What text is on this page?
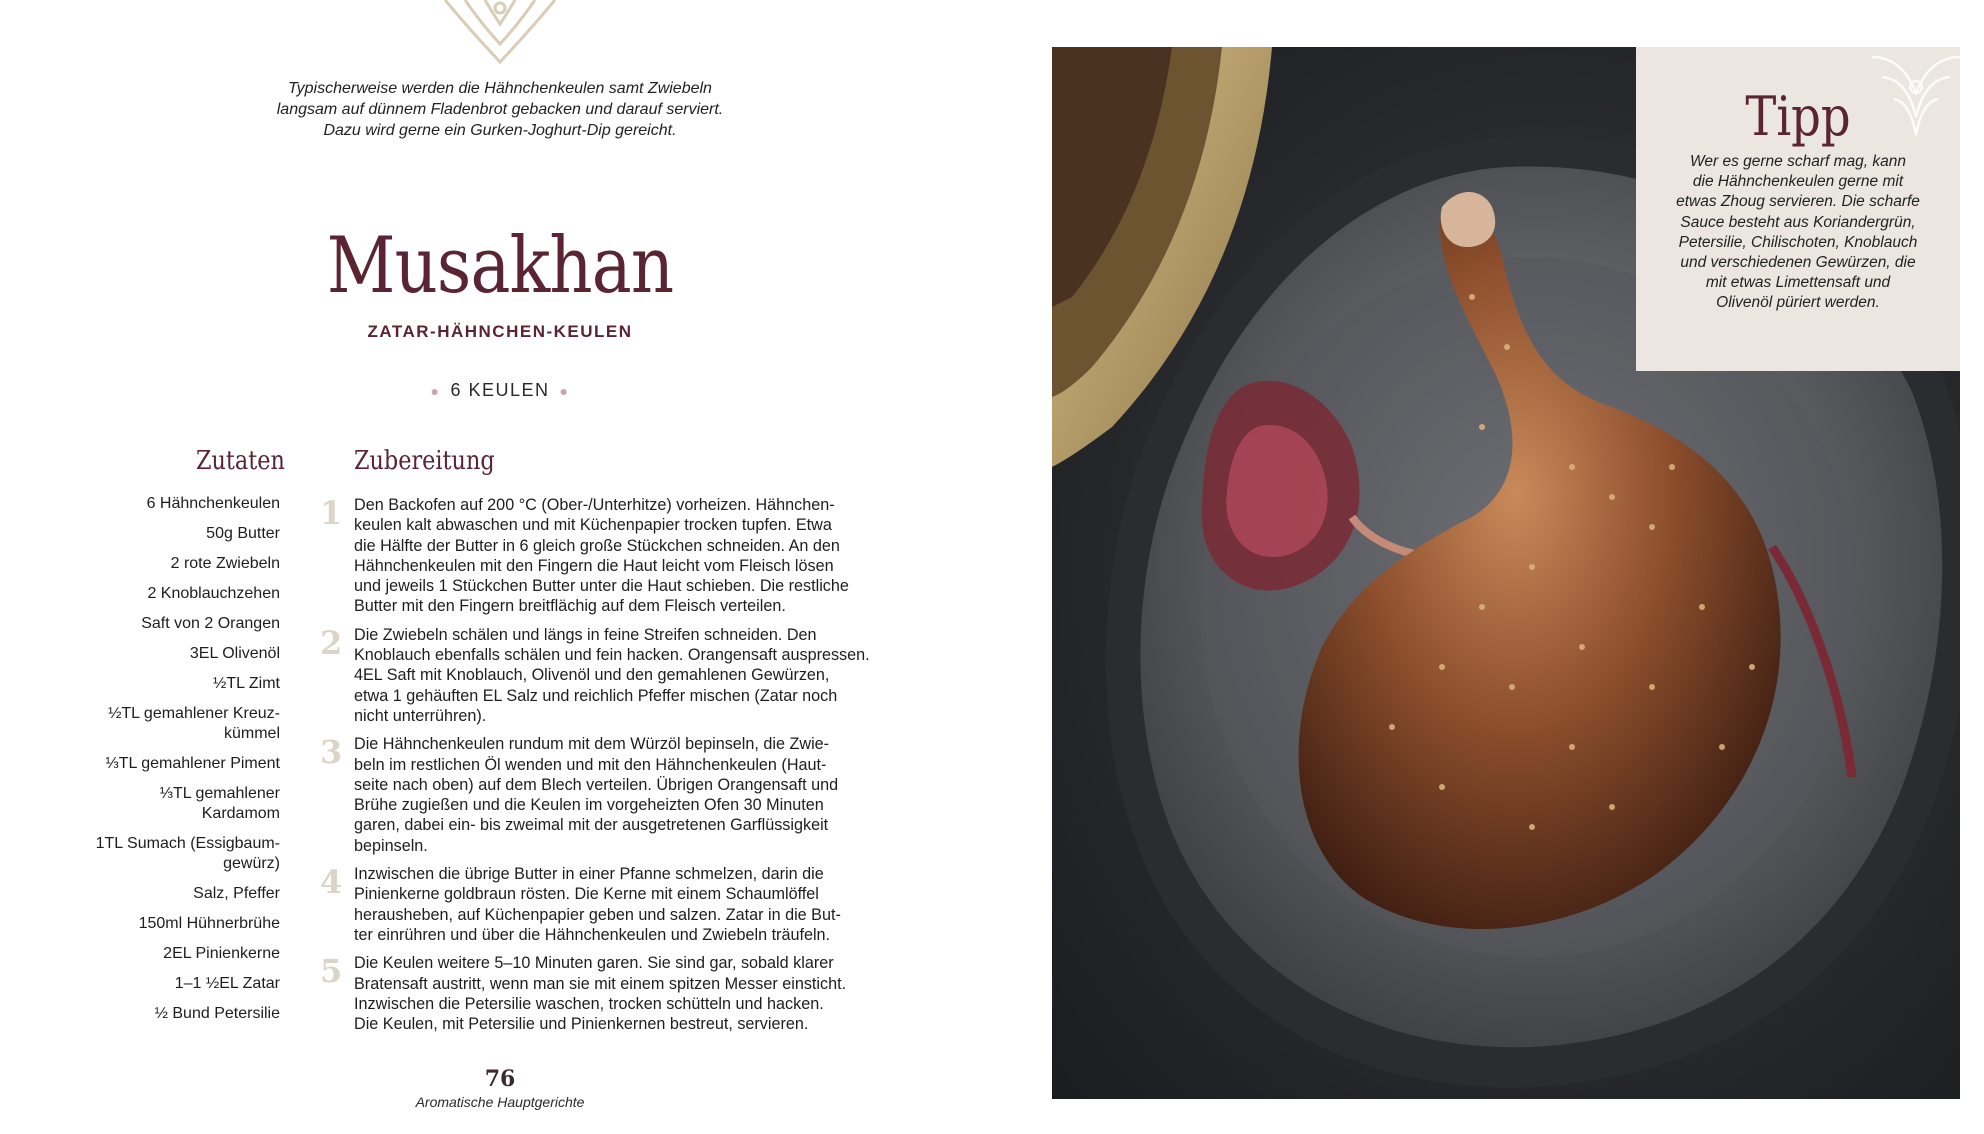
Typischerweise werden die Hähnchenkeulen samt Zwiebeln
langsam auf dünnem Fladenbrot gebacken und darauf serviert.
Dazu wird gerne ein Gurken-Joghurt-Dip gereicht.
Musakhan
ZATAR-HÄHNCHEN-KEULEN
● 6 KEULEN ●
Zutaten	Zubereitung
6 Hähnchenkeulen
50g Butter
2 rote Zwiebeln
2 Knoblauchzehen
Saft von 2 Orangen
3EL Olivenöl
½TL Zimt
½TL gemahlener Kreuz-
kümmel
⅓TL gemahlener Piment
⅓TL gemahlener
Kardamom
1TL Sumach (Essigbaum-
gewürz)
Salz, Pfeffer
150ml Hühnerbrühe
2EL Pinienkerne
1–1 ½EL Zatar
½ Bund Petersilie
1 Den Backofen auf 200 °C (Ober-/Unterhitze) vorheizen. Hähnchen-
keulen kalt abwaschen und mit Küchenpapier trocken tupfen. Etwa
die Hälfte der Butter in 6 gleich große Stückchen schneiden. An den
Hähnchenkeulen mit den Fingern die Haut leicht vom Fleisch lösen
und jeweils 1 Stückchen Butter unter die Haut schieben. Die restliche
Butter mit den Fingern breitflächig auf dem Fleisch verteilen.
2 Die Zwiebeln schälen und längs in feine Streifen schneiden. Den
Knoblauch ebenfalls schälen und fein hacken. Orangensaft auspressen.
4EL Saft mit Knoblauch, Olivenöl und den gemahlenen Gewürzen,
etwa 1 gehäuften EL Salz und reichlich Pfeffer mischen (Zatar noch
nicht unterrühren).
3 Die Hähnchenkeulen rundum mit dem Würzöl bepinseln, die Zwie-
beln im restlichen Öl wenden und mit den Hähnchenkeulen (Haut-
seite nach oben) auf dem Blech verteilen. Übrigen Orangensaft und
Brühe zugießen und die Keulen im vorgeheizten Ofen 30 Minuten
garen, dabei ein- bis zweimal mit der ausgetretenen Garflüssigkeit
bepinseln.
4 Inzwischen die übrige Butter in einer Pfanne schmelzen, darin die
Pinienkerne goldbraun rösten. Die Kerne mit einem Schaumlöffel
herausheben, auf Küchenpapier geben und salzen. Zatar in die But-
ter einrühren und über die Hähnchenkeulen und Zwiebeln träufeln.
5 Die Keulen weitere 5–10 Minuten garen. Sie sind gar, sobald klarer
Bratensaft austritt, wenn man sie mit einem spitzen Messer einsticht.
Inzwischen die Petersilie waschen, trocken schütteln und hacken.
Die Keulen, mit Petersilie und Pinienkernen bestreut, servieren.
76
Aromatische Hauptgerichte
Tipp
Wer es gerne scharf mag, kann
die Hähnchenkeulen gerne mit
etwas Zhoug servieren. Die scharfe
Sauce besteht aus Koriandergrün,
Petersilie, Chilischoten, Knoblauch
und verschiedenen Gewürzen, die
mit etwas Limettensaft und
Olivenöl püriert werden.
